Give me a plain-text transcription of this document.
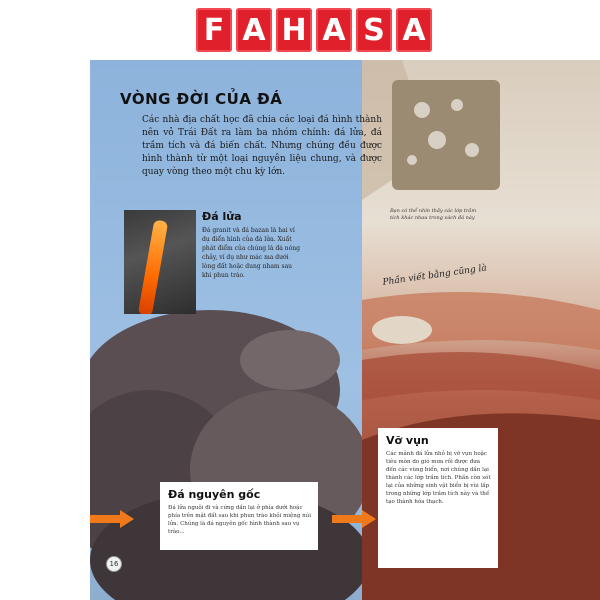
F A H A S A
VÒNG ĐỜI CỦA ĐÁ
Các nhà địa chất học đã chia các loại đá hình thành nên vỏ Trái Đất ra làm ba nhóm chính: đá lửa, đá trầm tích và đá biến chất. Nhưng chúng đều được hình thành từ một loại nguyên liệu chung, và được quay vòng theo một chu kỳ lớn.
Đá lửa
Đá granit và đá bazan là hai ví dụ điển hình của đá lửa. Xuất phát điểm của chúng là đá nóng chảy, ví dụ như mác ma dưới lòng đất hoặc dung nham sau khi phun trào.
Bạn có thể nhìn thấy các lớp trầm tích khác nhau trong vách đá này
Phần viết bằng cũng là
Đá nguyên gốc
Đá lửa nguội đi và cứng dần lại ở phía dưới hoặc phía trên mặt đất sau khi phun trào khỏi miệng núi lửa. Chúng là đá nguyên gốc hình thành sau vụ trào...
Vỡ vụn
Các mảnh đá lửa nhỏ bị vỡ vụn hoặc tiêu mòn do gió mưa rồi được đưa đến các vùng biển, nơi chúng dần lại thành các lớp trầm tích. Phần còn sót lại của những sinh vật biển bị vùi lấp trong những lớp trầm tích này và thế tạo thành hóa thạch.
16
